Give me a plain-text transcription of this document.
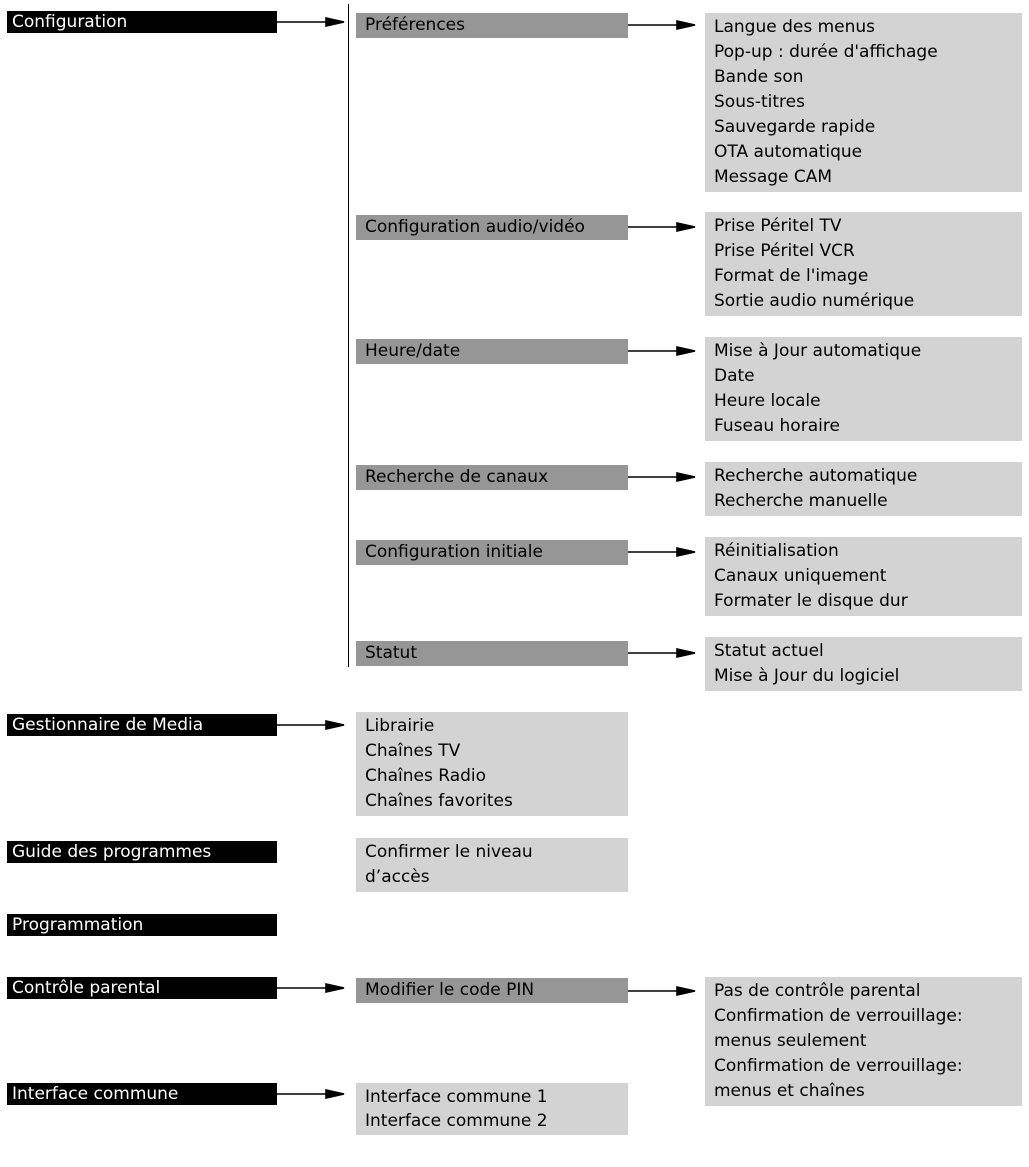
Configuration
Gestionnaire de Media
Guide des programmes
Programmation
Contrôle parental
Interface commune
Préférences
Configuration audio/vidéo
Heure/date
Recherche de canaux
Configuration initiale
Statut
Langue des menus
Pop-up : durée d'affichage
Bande son
Sous-titres
Sauvegarde rapide
OTA automatique
Message CAM
Prise Péritel TV
Prise Péritel VCR
Format de l'image
Sortie audio numérique
Mise à Jour automatique
Date
Heure locale
Fuseau horaire
Recherche automatique
Recherche manuelle
Réinitialisation
Canaux uniquement
Formater le disque dur
Statut actuel
Mise à Jour du logiciel
Librairie
Chaînes TV
Chaînes Radio
Chaînes favorites
Confirmer le niveau
d’accès
Modifier le code PIN	Pas de contrôle parental
Confirmation de verrouillage:
menus seulement
Confirmation de verrouillage:
menus et chaînes
Interface commune 1
Interface commune 2
